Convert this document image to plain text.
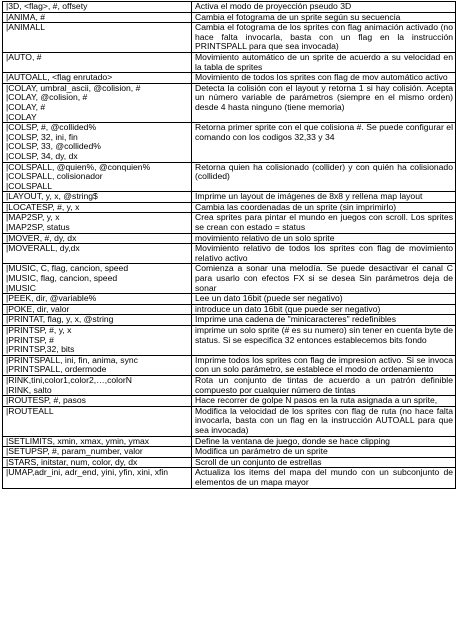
|3D, <flag>, #, offsety	Activa el modo de proyección pseudo 3D

|ANIMA, #	Cambia el fotograma de un sprite según su secuencia

|ANIMALL	Cambia el fotograma de los sprites con flag animación activado (no hace falta invocarla, basta con un flag en la instrucción PRINTSPALL para que sea invocada)

|AUTO, #	Movimiento automático de un sprite de acuerdo a su velocidad en la tabla de sprites

|AUTOALL, <flag enrutado>	Movimiento de todos los sprites con flag de mov automático activo

|COLAY, umbral_ascii, @colision, #
|COLAY, @colision, #
|COLAY, #
|COLAY	Detecta la colisión con el layout y retorna 1 si hay colisión. Acepta un número variable de parámetros (siempre en el mismo orden) desde 4 hasta ninguno (tiene memoria)

|COLSP, #, @collided%
|COLSP, 32, ini, fin
|COLSP, 33, @collided%
|COLSP, 34, dy, dx	Retorna primer sprite con el que colisiona #. Se puede configurar el comando con los codigos 32,33 y 34

|COLSPALL, @quien%, @conquien%
|COLSPALL, colisionador
|COLSPALL	Retorna quien ha colisionado (collider) y con quién ha colisionado (collided)

|LAYOUT, y, x, @string$	Imprime un layout de imágenes de 8x8 y rellena map layout

|LOCATESP, #, y, x	Cambia las coordenadas de un sprite (sin imprimirlo)

|MAP2SP, y, x
|MAP2SP, status	Crea sprites para pintar el mundo en juegos con scroll. Los sprites se crean con estado = status

|MOVER, #, dy, dx	movimiento relativo de un solo sprite

|MOVERALL, dy,dx	Movimiento relativo de todos los sprites con flag de movimiento relativo activo

|MUSIC, C, flag, cancion, speed
|MUSIC, flag, cancion, speed
|MUSIC	Comienza a sonar una melodía. Se puede desactivar el canal C para usarlo con efectos FX si se desea Sin parámetros deja de sonar

|PEEK, dir, @variable%	Lee un dato 16bit (puede ser negativo)

|POKE, dir, valor	introduce un dato 16bit (que puede ser negativo)

|PRINTAT, flag, y, x, @string	Imprime una cadena de "minicaracteres" redefinibles

|PRINTSP, #, y, x
|PRINTSP, #
|PRINTSP,32, bits	imprime un solo sprite (# es su numero) sin tener en cuenta byte de status. Si se especifica 32 entonces establecemos bits fondo

|PRINTSPALL, ini, fin, anima, sync
|PRINTSPALL, ordermode	Imprime todos los sprites con flag de impresion activo. Si se invoca con un solo parámetro, se establece el modo de ordenamiento

|RINK,tini,color1,color2,…,colorN
|RINK, salto	Rota un conjunto de tintas de acuerdo a un patrón definible compuesto por cualquier número de tintas

|ROUTESP, #, pasos	Hace recorrer de golpe N pasos en la ruta asignada a un sprite,

|ROUTEALL	Modifica la velocidad de los sprites con flag de ruta (no hace falta invocarla, basta con un flag en la instrucción AUTOALL para que sea invocada)

|SETLIMITS, xmin, xmax, ymin, ymax	Define la ventana de juego, donde se hace clipping

|SETUPSP, #, param_number, valor	Modifica un parámetro de un sprite

|STARS, initstar, num, color, dy, dx	Scroll de un conjunto de estrellas

|UMAP,adr_ini, adr_end, yini, yfin, xini, xfin	Actualiza los items del mapa del mundo con un subconjunto de elementos de un mapa mayor
